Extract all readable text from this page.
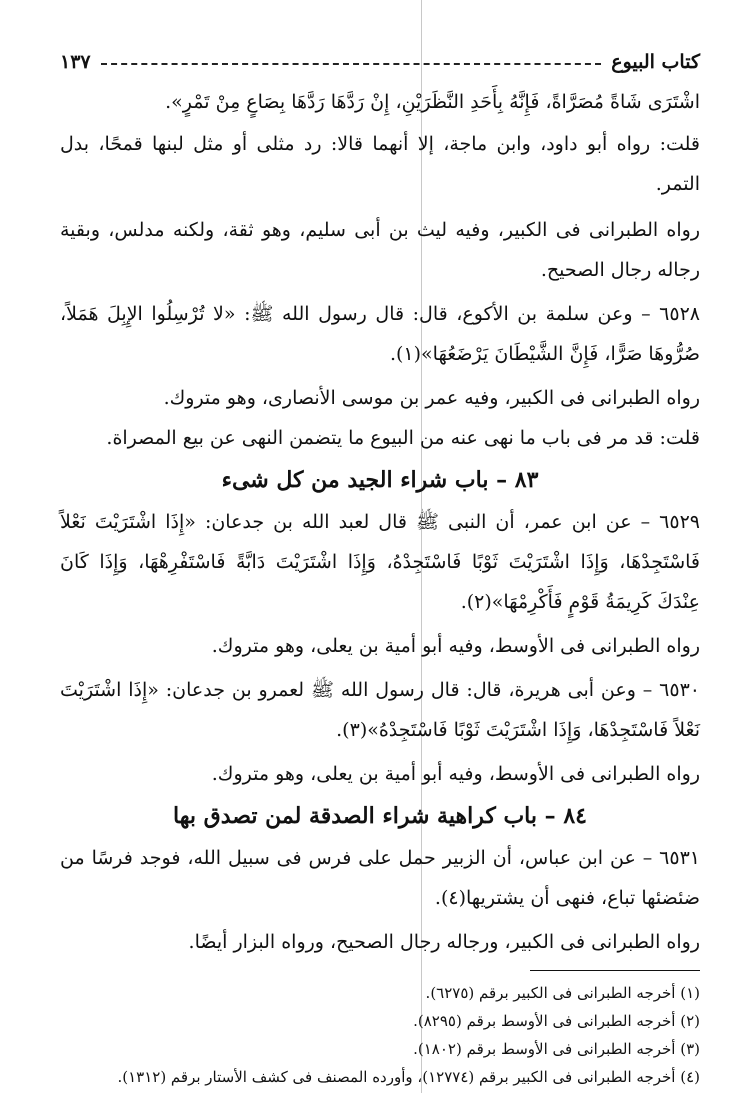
كتاب البيوع
١٣٧

اشْتَرَى شَاةً مُصَرَّاةً، فَإِنَّهُ بِأَحَدِ النَّظَرَيْنِ، إِنْ رَدَّهَا رَدَّهَا بِصَاعٍ مِنْ تَمْرٍ».

قلت: رواه أبو داود، وابن ماجة، إلا أنهما قالا: رد مثلى أو مثل لبنها قمحًا، بدل التمر.

رواه الطبرانى فى الكبير، وفيه ليث بن أبى سليم، وهو ثقة، ولكنه مدلس، وبقية رجاله رجال الصحيح.

٦٥٢٨ – وعن سلمة بن الأكوع، قال: قال رسول الله ﷺ: «لا تُرْسِلُوا الإِبِلَ هَمَلاً، صُرُّوهَا صَرًّا، فَإِنَّ الشَّيْطَانَ يَرْضَعُهَا»(١).

رواه الطبرانى فى الكبير، وفيه عمر بن موسى الأنصارى، وهو متروك.

قلت: قد مر فى باب ما نهى عنه من البيوع ما يتضمن النهى عن بيع المصراة.

٨٣ – باب شراء الجيد من كل شىء

٦٥٢٩ – عن ابن عمر، أن النبى ﷺ قال لعبد الله بن جدعان: «إِذَا اشْتَرَيْتَ نَعْلاً فَاسْتَجِدْهَا، وَإِذَا اشْتَرَيْتَ ثَوْبًا فَاسْتَجِدْهُ، وَإِذَا اشْتَرَيْتَ دَابَّةً فَاسْتَفْرِهْهَا، وَإِذَا كَانَ عِنْدَكَ كَرِيمَةُ قَوْمٍ فَأَكْرِمْهَا»(٢).

رواه الطبرانى فى الأوسط، وفيه أبو أمية بن يعلى، وهو متروك.

٦٥٣٠ – وعن أبى هريرة، قال: قال رسول الله ﷺ لعمرو بن جدعان: «إِذَا اشْتَرَيْتَ نَعْلاً فَاسْتَجِدْهَا، وَإِذَا اشْتَرَيْتَ ثَوْبًا فَاسْتَجِدْهُ»(٣).

رواه الطبرانى فى الأوسط، وفيه أبو أمية بن يعلى، وهو متروك.

٨٤ – باب كراهية شراء الصدقة لمن تصدق بها

٦٥٣١ – عن ابن عباس، أن الزبير حمل على فرس فى سبيل الله، فوجد فرسًا من ضئضئها تباع، فنهى أن يشتريها(٤).

رواه الطبرانى فى الكبير، ورجاله رجال الصحيح، ورواه البزار أيضًا.

(١) أخرجه الطبرانى فى الكبير برقم (٦٢٧٥).

(٢) أخرجه الطبرانى فى الأوسط برقم (٨٢٩٥).

(٣) أخرجه الطبرانى فى الأوسط برقم (١٨٠٢).

(٤) أخرجه الطبرانى فى الكبير برقم (١٢٧٧٤)، وأورده المصنف فى كشف الأستار برقم (١٣١٢).
